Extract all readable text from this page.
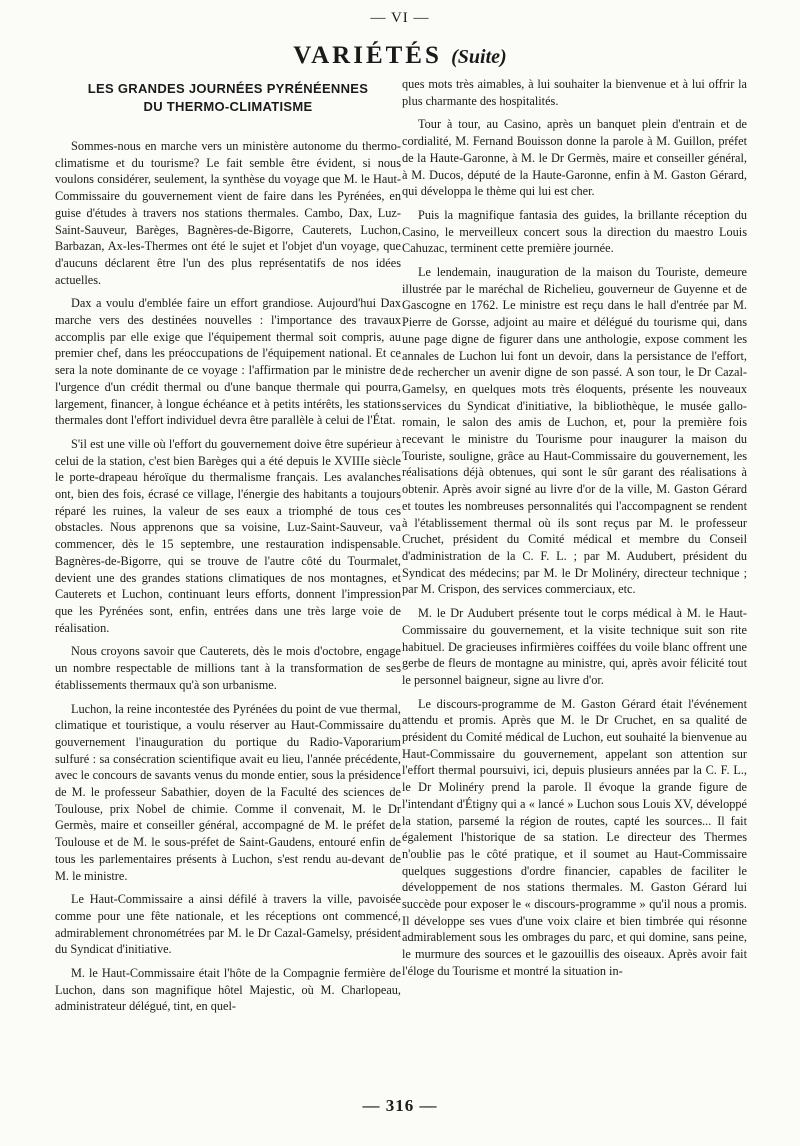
— VI —
VARIÉTÉS (Suite)
LES GRANDES JOURNÉES PYRÉNÉENNES
DU THERMO-CLIMATISME

Sommes-nous en marche vers un ministère autonome du thermo-climatisme et du tourisme? Le fait semble être évident, si nous voulons considérer, seulement, la synthèse du voyage que M. le Haut-Commissaire du gouvernement vient de faire dans les Pyrénées, en guise d'études à travers nos stations thermales. Cambo, Dax, Luz-Saint-Sauveur, Barèges, Bagnères-de-Bigorre, Cauterets, Luchon, Barbazan, Ax-les-Thermes ont été le sujet et l'objet d'un voyage, que d'aucuns déclarent être l'un des plus représentatifs de nos idées actuelles.

Dax a voulu d'emblée faire un effort grandiose. Aujourd'hui Dax marche vers des destinées nouvelles : l'importance des travaux accomplis par elle exige que l'équipement thermal soit compris, au premier chef, dans les préoccupations de l'équipement national. Et ce sera la note dominante de ce voyage : l'affirmation par le ministre de l'urgence d'un crédit thermal ou d'une banque thermale qui pourra, largement, financer, à longue échéance et à petits intérêts, les stations thermales dont l'effort individuel devra être parallèle à celui de l'État.

S'il est une ville où l'effort du gouvernement doive être supérieur à celui de la station, c'est bien Barèges qui a été depuis le XVIIIe siècle le porte-drapeau héroïque du thermalisme français. Les avalanches ont, bien des fois, écrasé ce village, l'énergie des habitants a toujours réparé les ruines, la valeur de ses eaux a triomphé de tous ces obstacles. Nous apprenons que sa voisine, Luz-Saint-Sauveur, va commencer, dès le 15 septembre, une restauration indispensable. Bagnères-de-Bigorre, qui se trouve de l'autre côté du Tourmalet, devient une des grandes stations climatiques de nos montagnes, et Cauterets et Luchon, continuant leurs efforts, donnent l'impression que les Pyrénées sont, enfin, entrées dans une très large voie de réalisation.

Nous croyons savoir que Cauterets, dès le mois d'octobre, engage un nombre respectable de millions tant à la transformation de ses établissements thermaux qu'à son urbanisme.

Luchon, la reine incontestée des Pyrénées du point de vue thermal, climatique et touristique, a voulu réserver au Haut-Commissaire du gouvernement l'inauguration du portique du Radio-Vaporarium sulfuré : sa consécration scientifique avait eu lieu, l'année précédente, avec le concours de savants venus du monde entier, sous la présidence de M. le professeur Sabathier, doyen de la Faculté des sciences de Toulouse, prix Nobel de chimie. Comme il convenait, M. le Dr Germès, maire et conseiller général, accompagné de M. le préfet de Toulouse et de M. le sous-préfet de Saint-Gaudens, entouré enfin de tous les parlementaires présents à Luchon, s'est rendu au-devant de M. le ministre.

Le Haut-Commissaire a ainsi défilé à travers la ville, pavoisée comme pour une fête nationale, et les réceptions ont commencé, admirablement chronométrées par M. le Dr Cazal-Gamelsy, président du Syndicat d'initiative.

M. le Haut-Commissaire était l'hôte de la Compagnie fermière de Luchon, dans son magnifique hôtel Majestic, où M. Charlopeau, administrateur délégué, tint, en quel-

ques mots très aimables, à lui souhaiter la bienvenue et à lui offrir la plus charmante des hospitalités.

Tour à tour, au Casino, après un banquet plein d'entrain et de cordialité, M. Fernand Bouisson donne la parole à M. Guillon, préfet de la Haute-Garonne, à M. le Dr Germès, maire et conseiller général, à M. Ducos, député de la Haute-Garonne, enfin à M. Gaston Gérard, qui développa le thème qui lui est cher.

Puis la magnifique fantasia des guides, la brillante réception du Casino, le merveilleux concert sous la direction du maestro Louis Cahuzac, terminent cette première journée.

Le lendemain, inauguration de la maison du Touriste, demeure illustrée par le maréchal de Richelieu, gouverneur de Guyenne et de Gascogne en 1762. Le ministre est reçu dans le hall d'entrée par M. Pierre de Gorsse, adjoint au maire et délégué du tourisme qui, dans une page digne de figurer dans une anthologie, expose comment les annales de Luchon lui font un devoir, dans la persistance de l'effort, de rechercher un avenir digne de son passé. A son tour, le Dr Cazal-Gamelsy, en quelques mots très éloquents, présente les nouveaux services du Syndicat d'initiative, la bibliothèque, le musée gallo-romain, le salon des amis de Luchon, et, pour la première fois recevant le ministre du Tourisme pour inaugurer la maison du Touriste, souligne, grâce au Haut-Commissaire du gouvernement, les réalisations déjà obtenues, qui sont le sûr garant des réalisations à obtenir. Après avoir signé au livre d'or de la ville, M. Gaston Gérard et toutes les nombreuses personnalités qui l'accompagnent se rendent à l'établissement thermal où ils sont reçus par M. le professeur Cruchet, président du Comité médical et membre du Conseil d'administration de la C. F. L. ; par M. Audubert, président du Syndicat des médecins; par M. le Dr Molinéry, directeur technique ; par M. Crispon, des services commerciaux, etc.

M. le Dr Audubert présente tout le corps médical à M. le Haut-Commissaire du gouvernement, et la visite technique suit son rite habituel. De gracieuses infirmières coiffées du voile blanc offrent une gerbe de fleurs de montagne au ministre, qui, après avoir félicité tout le personnel baigneur, signe au livre d'or.

Le discours-programme de M. Gaston Gérard était l'événement attendu et promis. Après que M. le Dr Cruchet, en sa qualité de président du Comité médical de Luchon, eut souhaité la bienvenue au Haut-Commissaire du gouvernement, appelant son attention sur l'effort thermal poursuivi, ici, depuis plusieurs années par la C. F. L., le Dr Molinéry prend la parole. Il évoque la grande figure de l'intendant d'Étigny qui a « lancé » Luchon sous Louis XV, développé la station, parsemé la région de routes, capté les sources... Il fait également l'historique de sa station. Le directeur des Thermes n'oublie pas le côté pratique, et il soumet au Haut-Commissaire quelques suggestions d'ordre financier, capables de faciliter le développement de nos stations thermales. M. Gaston Gérard lui succède pour exposer le « discours-programme » qu'il nous a promis. Il développe ses vues d'une voix claire et bien timbrée qui résonne admirablement sous les ombrages du parc, et qui domine, sans peine, le murmure des sources et le gazouillis des oiseaux. Après avoir fait l'éloge du Tourisme et montré la situation in-

— 316 —
